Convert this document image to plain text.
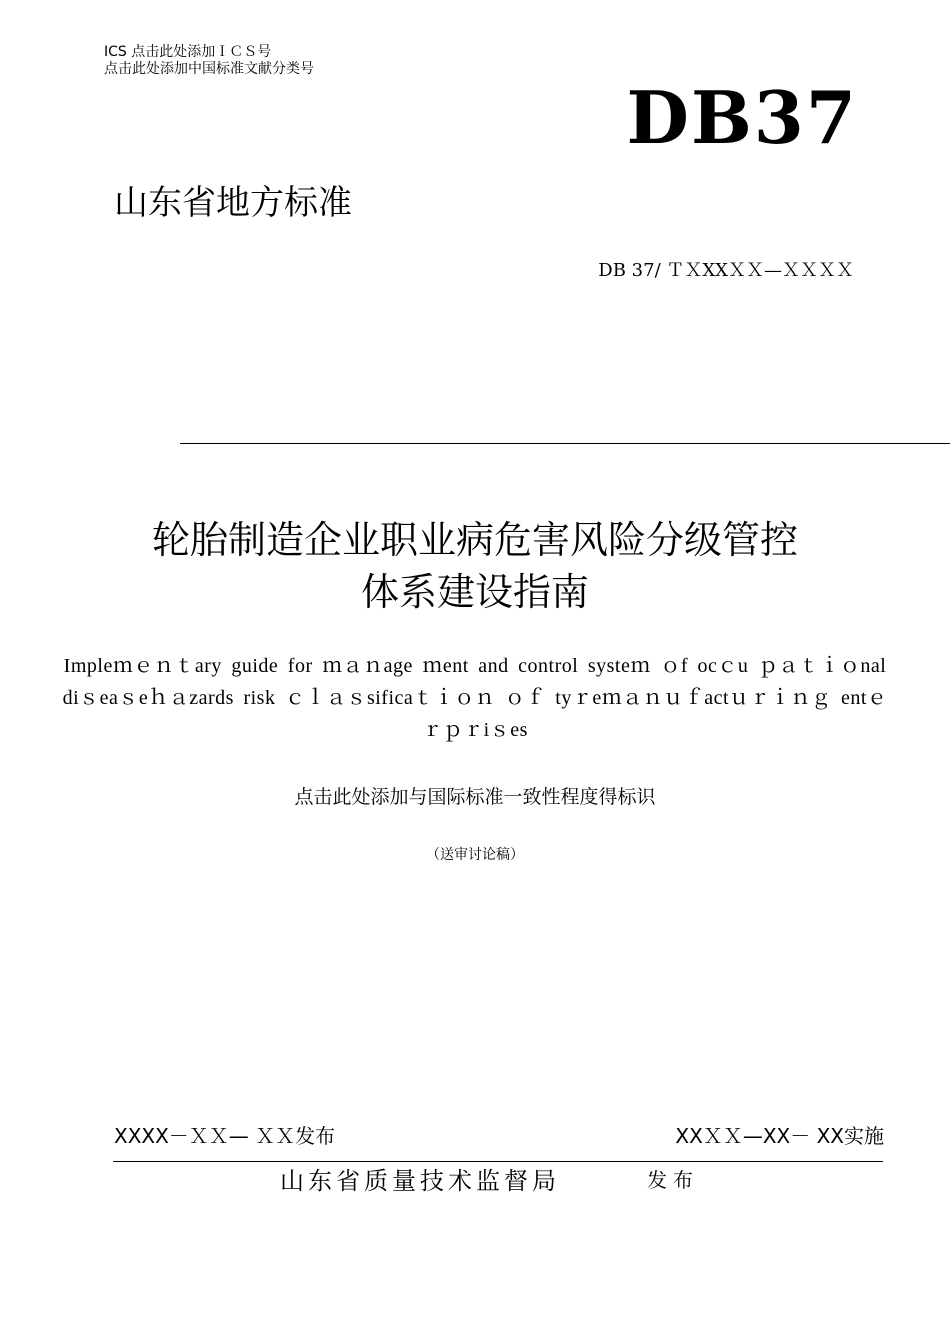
ICS 点击此处添加ＩＣＳ号
点击此处添加中国标准文献分类号
DB37
山东省地方标准
DB 37/ ＴＸXXＸＸ—ＸＸＸＸ
轮胎制造企业职业病危害风险分级管控
体系建设指南
Impleｍｅｎｔary guide for ｍａｎage ｍent and control systeｍ ｏf ocｃu ｐａｔｉｏnal diｓeaｓeｈａzards risk ｃｌａｓsificaｔｉｏｎ ｏｆ tyｒeｍａｎｕｆactｕｒｉｎｇ entｅｒｐｒiｓes
点击此处添加与国际标准一致性程度得标识
（送审讨论稿）
XXXX－ＸＸ— ＸＸ发布	XXＸＸ—XX－ XX实施
山东省质量技术监督局	发布
